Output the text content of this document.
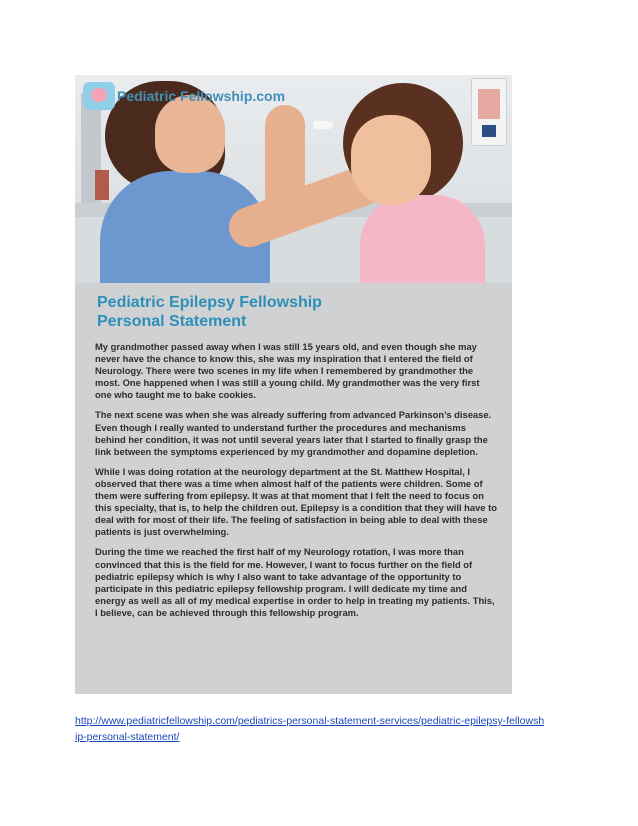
Pediatric Fellowship.com
Pediatric Epilepsy Fellowship
Personal Statement

My grandmother passed away when I was still 15 years old, and even though she may never have the chance to know this, she was my inspiration that I entered the field of Neurology. There were two scenes in my life when I remembered by grandmother the most. One happened when I was still a young child. My grandmother was the very first one who taught me to bake cookies.

The next scene was when she was already suffering from advanced Parkinson’s disease. Even though I really wanted to understand further the procedures and mechanisms behind her condition, it was not until several years later that I started to finally grasp the link between the symptoms experienced by my grandmother and dopamine depletion.

While I was doing rotation at the neurology department at the St. Matthew Hospital, I observed that there was a time when almost half of the patients were children. Some of them were suffering from epilepsy. It was at that moment that I felt the need to focus on this specialty, that is, to help the children out. Epilepsy is a condition that they will have to deal with for most of their life. The feeling of satisfaction in being able to deal with these patients is just overwhelming.

During the time we reached the first half of my Neurology rotation, I was more than convinced that this is the field for me. However, I want to focus further on the field of pediatric epilepsy which is why I also want to take advantage of the opportunity to participate in this pediatric epilepsy fellowship program. I will dedicate my time and energy as well as all of my medical expertise in order to help in treating my patients. This, I believe, can be achieved through this fellowship program.

http://www.pediatricfellowship.com/pediatrics-personal-statement-services/pediatric-epilepsy-fellowship-personal-statement/
